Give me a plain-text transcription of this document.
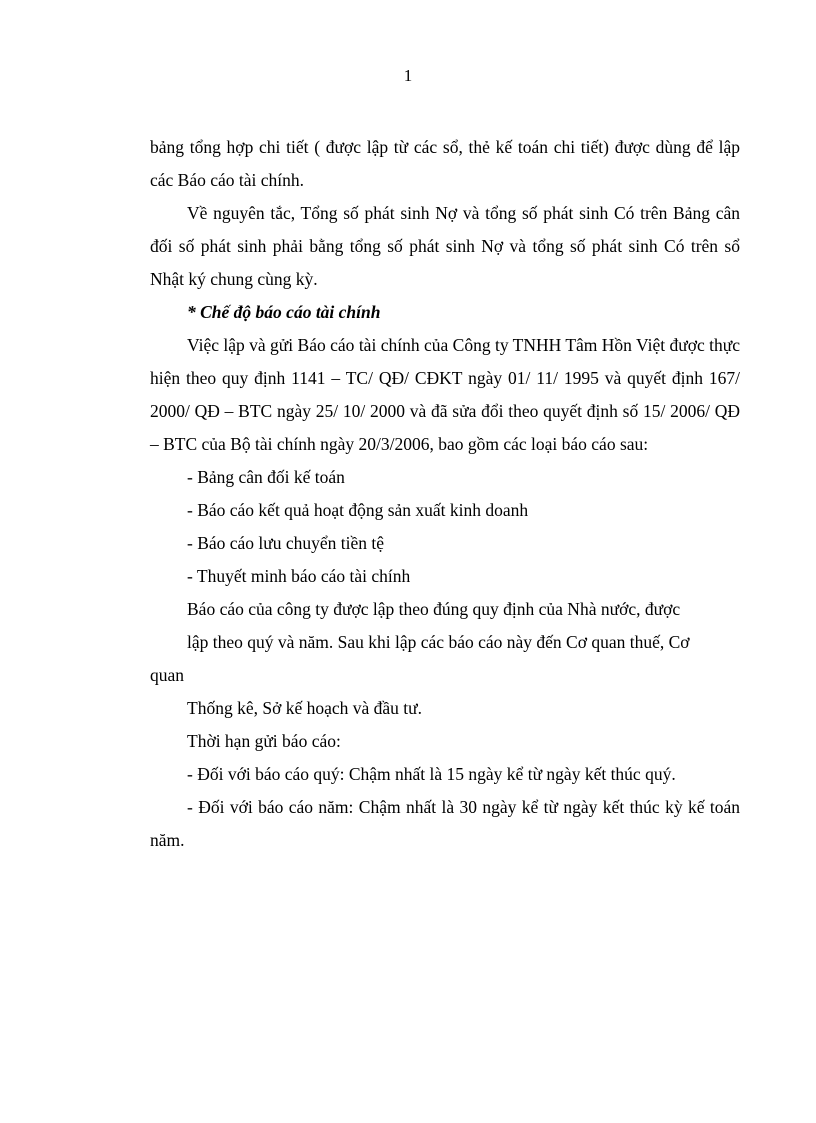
1

bảng tổng hợp chi tiết ( được lập từ các sổ, thẻ kế toán chi tiết) được dùng để lập các Báo cáo tài chính.

Về nguyên tắc, Tổng số phát sinh Nợ và tổng số phát sinh Có trên Bảng cân đối số phát sinh phải bằng tổng số phát sinh Nợ và tổng số phát sinh Có trên sổ Nhật ký chung cùng kỳ.

* Chế độ báo cáo tài chính

Việc lập và gửi Báo cáo tài chính của Công ty TNHH Tâm Hồn Việt được thực hiện theo quy định 1141 – TC/ QĐ/ CĐKT ngày 01/ 11/ 1995 và quyết định 167/ 2000/ QĐ – BTC ngày 25/ 10/ 2000 và đã sửa đổi theo quyết định số 15/ 2006/ QĐ – BTC của Bộ tài chính ngày 20/3/2006, bao gồm các loại báo cáo sau:

- Bảng cân đối kế toán

- Báo cáo kết quả hoạt động sản xuất kinh doanh

- Báo cáo lưu chuyển tiền tệ

- Thuyết minh báo cáo tài chính

Báo cáo của công ty được lập theo đúng quy định của Nhà nước, được

lập theo quý và năm. Sau khi lập các báo cáo này đến Cơ quan thuế, Cơ

quan

Thống kê, Sở kế hoạch và đầu tư.

Thời hạn gửi báo cáo:

- Đối với báo cáo quý: Chậm nhất là 15 ngày kể từ ngày kết thúc quý.

- Đối với báo cáo năm: Chậm nhất là 30 ngày kể từ ngày kết thúc kỳ kế toán năm.
